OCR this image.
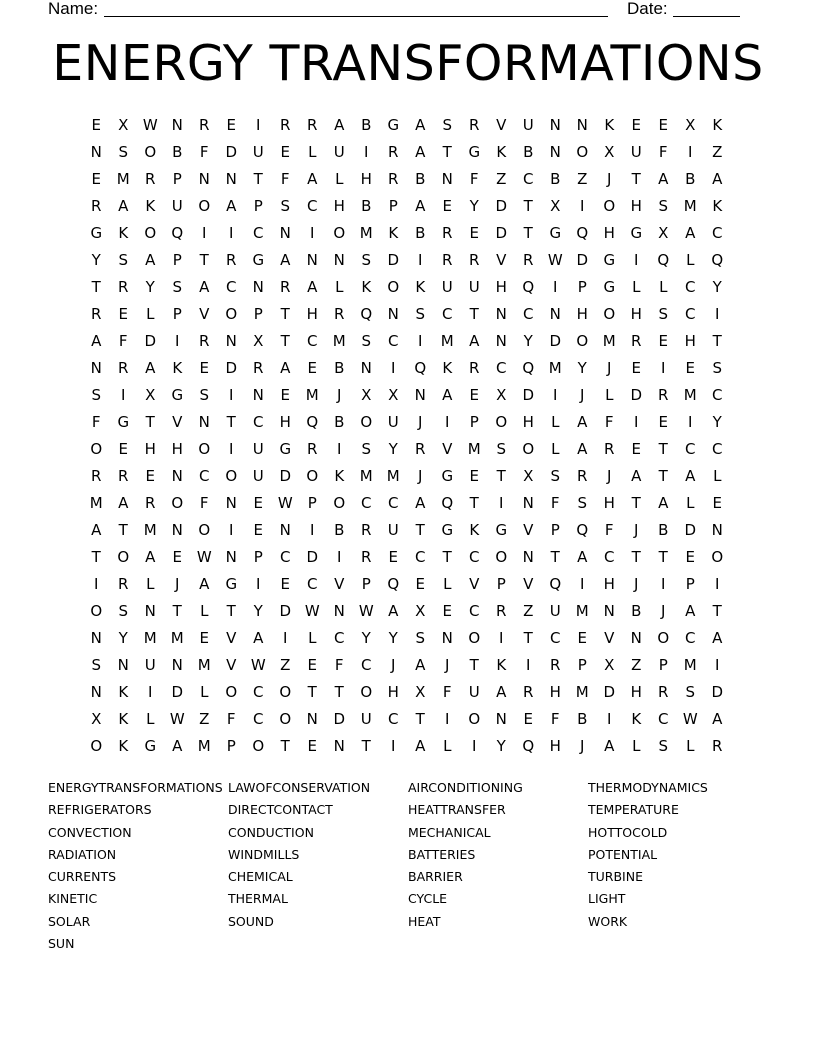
Name:	Date:
ENERGY TRANSFORMATIONS
E	X W N	R	E	I	R	R	A	B	G	A	S	R	V	U	N	N	K	E	E	X	K
N	S	O	B	F	D	U	E	L	U	I	R	A	T	G	K	B	N O	X	U	F	I	Z
E	M R	P	N	N	T	F	A	L	H	R	B	N	F	Z	C	B	Z	J	T	A	B	A
R	A	K	U	O	A	P	S	C	H	B	P	A	E	Y	D	T	X	I	O H	S	M	K
G	K	O Q	I	I	C	N	I	O M	K	B	R	E	D	T	G Q H	G	X	A	C
Y	S	A	P	T	R	G	A	N	N	S	D	I	R	R	V	R W D G	I	Q	L	Q
T	R	Y	S	A	C	N	R	A	L	K	O	K	U	U	H Q	I	P	G	L	L	C	Y
R	E	L	P	V	O	P	T	H	R	Q N	S	C	T	N	C	N	H O H	S	C	I
A	F	D	I	R	N	X	T	C M	S	C	I	M A	N	Y	D O M R	E	H	T
N	R	A	K	E	D	R	A	E	B	N	I	Q	K	R	C	Q M	Y	J	E	I	E	S
S	I	X	G	S	I	N	E	M	J	X	X	N	A	E	X	D	I	J	L	D	R M C
F	G	T	V	N	T	C	H Q	B	O	U	J	I	P	O H	L	A	F	I	E	I	Y
O	E	H	H O	I	U	G	R	I	S	Y	R	V M	S	O	L	A	R	E	T	C	C
R	R	E	N	C	O	U	D O	K	M M	J	G	E	T	X	S	R	J	A	T	A	L
M A	R	O	F	N	E W P	O	C	C	A	Q	T	I	N	F	S	H	T	A	L	E
A	T	M N O	I	E	N	I	B	R	U	T	G	K	G	V	P	Q	F	J	B	D	N
T	O	A	E W N	P	C	D	I	R	E	C	T	C	O N	T	A	C	T	T	E	O
I	R	L	J	A	G	I	E	C	V	P	Q	E	L	V	P	V	Q	I	H	J	I	P	I
O	S	N	T	L	T	Y	D W N W A	X	E	C	R	Z	U M N	B	J	A	T
N	Y	M M	E	V	A	I	L	C	Y	Y	S	N O	I	T	C	E	V	N O	C	A
S	N	U	N M V W Z	E	F	C	J	A	J	T	K	I	R	P	X	Z	P	M	I
N	K	I	D	L	O	C	O	T	T	O H	X	F	U	A	R	H M D	H	R	S	D
X	K	L W Z	F	C	O N	D	U	C	T	I	O N	E	F	B	I	K	C W A
O	K	G	A M	P	O	T	E	N	T	I	A	L	I	Y	Q H	J	A	L	S	L	R
ENERGYTRANSFORMATIONS LAWOFCONSERVATION	AIRCONDITIONING	THERMODYNAMICS
REFRIGERATORS	DIRECTCONTACT	HEATTRANSFER	TEMPERATURE
CONVECTION	CONDUCTION	MECHANICAL	HOTTOCOLD
RADIATION	WINDMILLS	BATTERIES	POTENTIAL
CURRENTS	CHEMICAL	BARRIER	TURBINE
KINETIC	THERMAL	CYCLE	LIGHT
SOLAR	SOUND	HEAT	WORK
SUN
